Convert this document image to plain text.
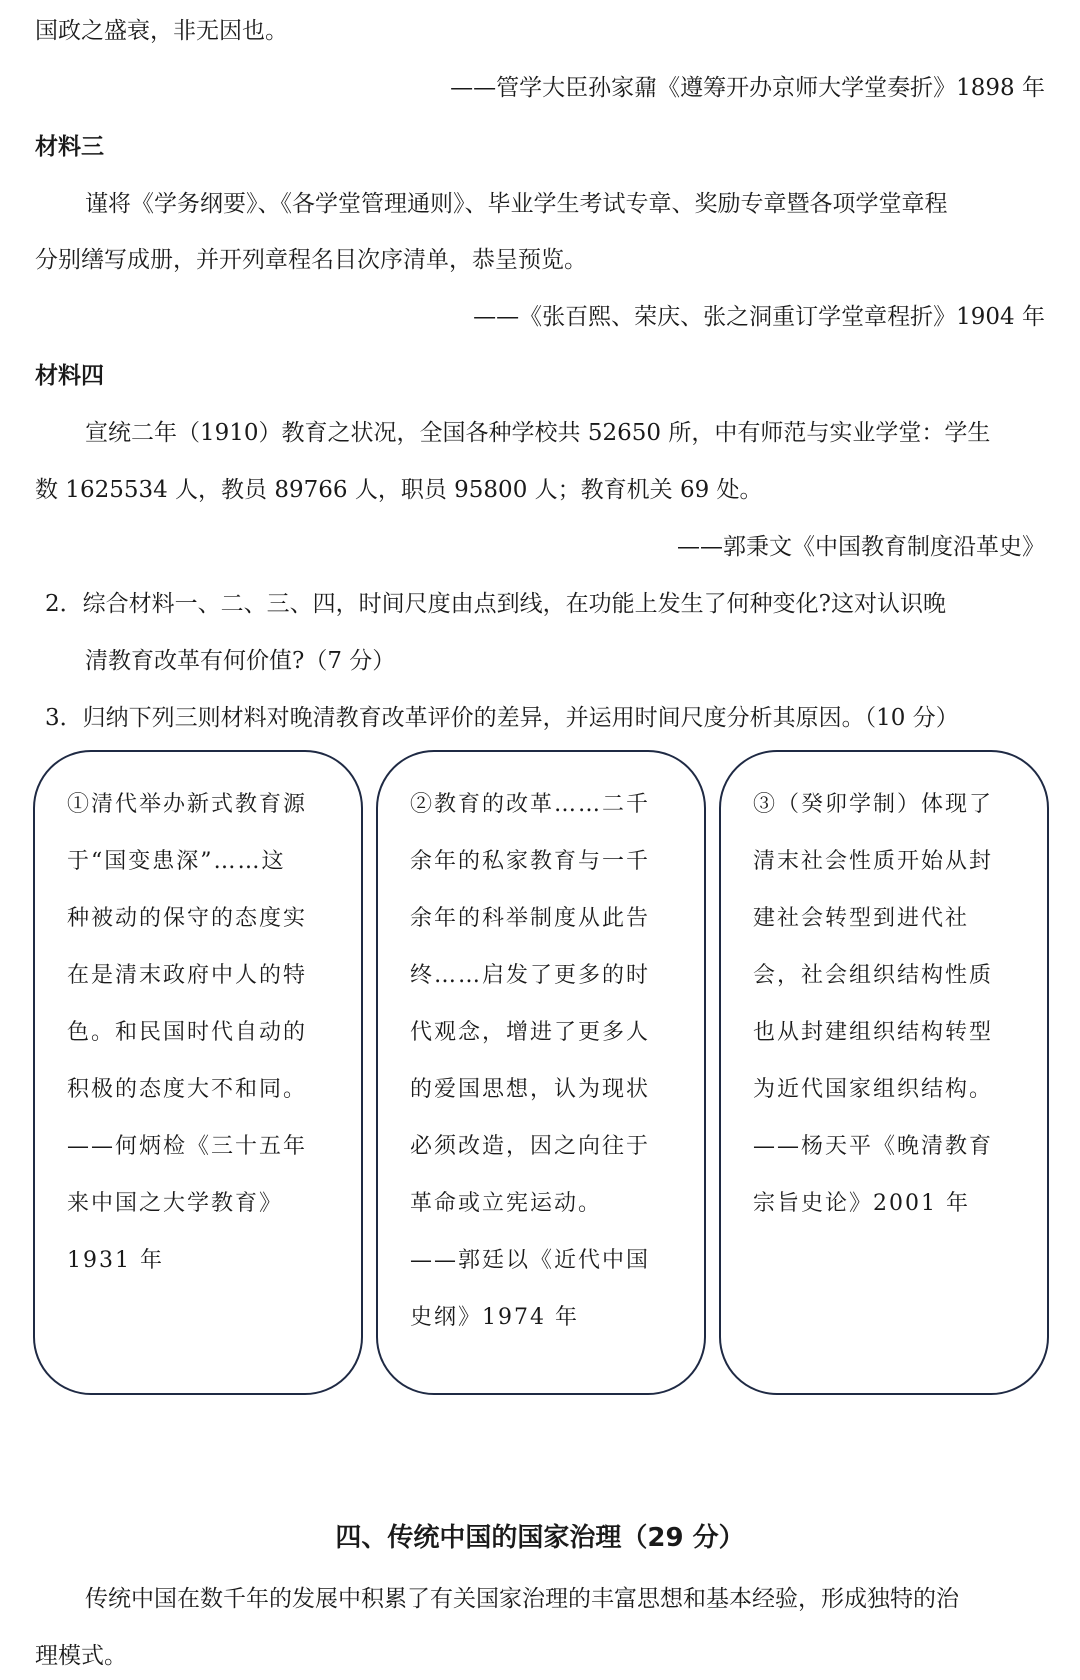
国政之盛衰，非无因也。
——管学大臣孙家鼐《遵筹开办京师大学堂奏折》1898 年
材料三
谨将《学务纲要》、《各学堂管理通则》、毕业学生考试专章、奖励专章暨各项学堂章程
分别缮写成册，并开列章程名目次序清单，恭呈预览。
——《张百熙、荣庆、张之洞重订学堂章程折》1904 年
材料四
宣统二年（1910）教育之状况，全国各种学校共 52650 所，中有师范与实业学堂：学生
数 1625534 人，教员 89766 人，职员 95800 人；教育机关 69 处。
——郭秉文《中国教育制度沿革史》
2．综合材料一、二、三、四，时间尺度由点到线，在功能上发生了何种变化?这对认识晚
清教育改革有何价值?（7 分）
3．归纳下列三则材料对晚清教育改革评价的差异，并运用时间尺度分析其原因。（10 分）
①清代举办新式教育源
于“国变患深”……这
种被动的保守的态度实
在是清末政府中人的特
色。和民国时代自动的
积极的态度大不和同。
——何炳检《三十五年
来中国之大学教育》
1931 年
②教育的改革……二千
余年的私家教育与一千
余年的科举制度从此告
终……启发了更多的时
代观念，增进了更多人
的爱国思想，认为现状
必须改造，因之向往于
革命或立宪运动。
——郭廷以《近代中国
史纲》1974 年
③（癸卯学制）体现了
清末社会性质开始从封
建社会转型到进代社
会，社会组织结构性质
也从封建组织结构转型
为近代国家组织结构。
——杨天平《晚清教育
宗旨史论》2001 年
四、传统中国的国家治理（29 分）
传统中国在数千年的发展中积累了有关国家治理的丰富思想和基本经验，形成独特的治
理模式。
